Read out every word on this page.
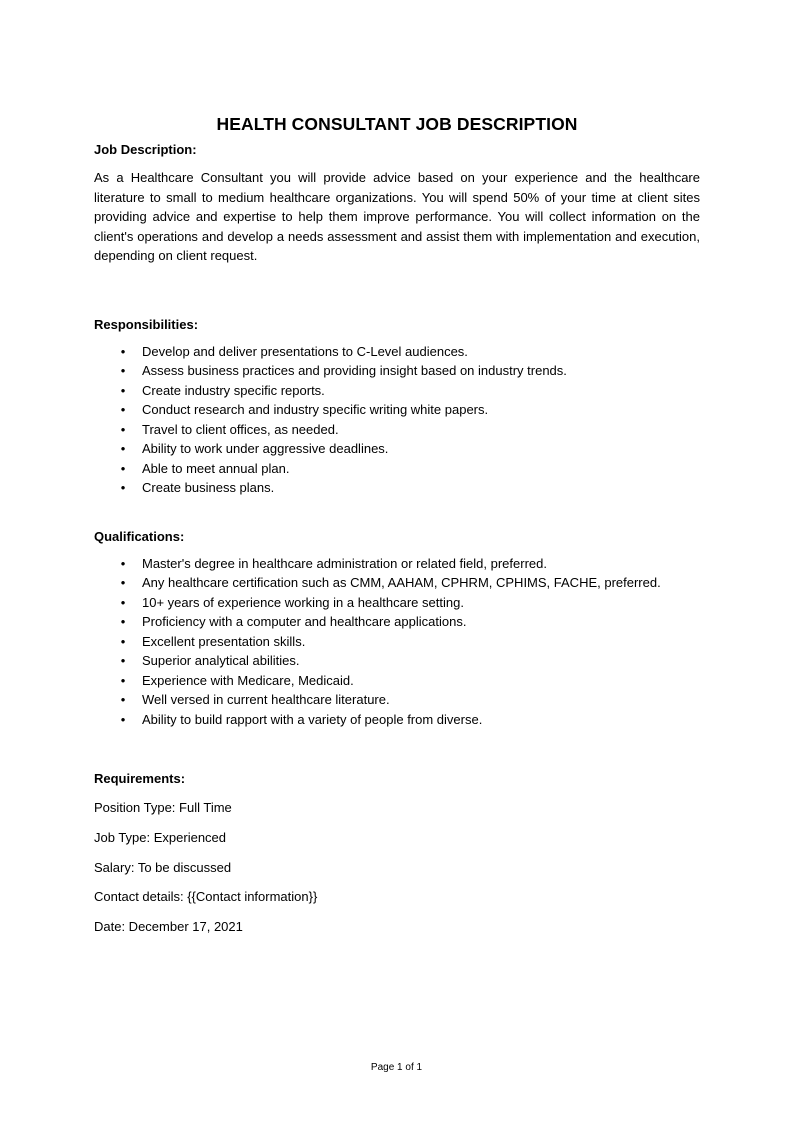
HEALTH CONSULTANT JOB DESCRIPTION

Job Description:

As a Healthcare Consultant you will provide advice based on your experience and the healthcare literature to small to medium healthcare organizations. You will spend 50% of your time at client sites providing advice and expertise to help them improve performance. You will collect information on the client's operations and develop a needs assessment and assist them with implementation and execution, depending on client request.

Responsibilities:

• Develop and deliver presentations to C-Level audiences.
• Assess business practices and providing insight based on industry trends.
• Create industry specific reports.
• Conduct research and industry specific writing white papers.
• Travel to client offices, as needed.
• Ability to work under aggressive deadlines.
• Able to meet annual plan.
• Create business plans.

Qualifications:

• Master's degree in healthcare administration or related field, preferred.
• Any healthcare certification such as CMM, AAHAM, CPHRM, CPHIMS, FACHE, preferred.
• 10+ years of experience working in a healthcare setting.
• Proficiency with a computer and healthcare applications.
• Excellent presentation skills.
• Superior analytical abilities.
• Experience with Medicare, Medicaid.
• Well versed in current healthcare literature.
• Ability to build rapport with a variety of people from diverse.

Requirements:

Position Type: Full Time

Job Type: Experienced

Salary: To be discussed

Contact details: {{Contact information}}

Date: December 17, 2021

Page 1 of 1
